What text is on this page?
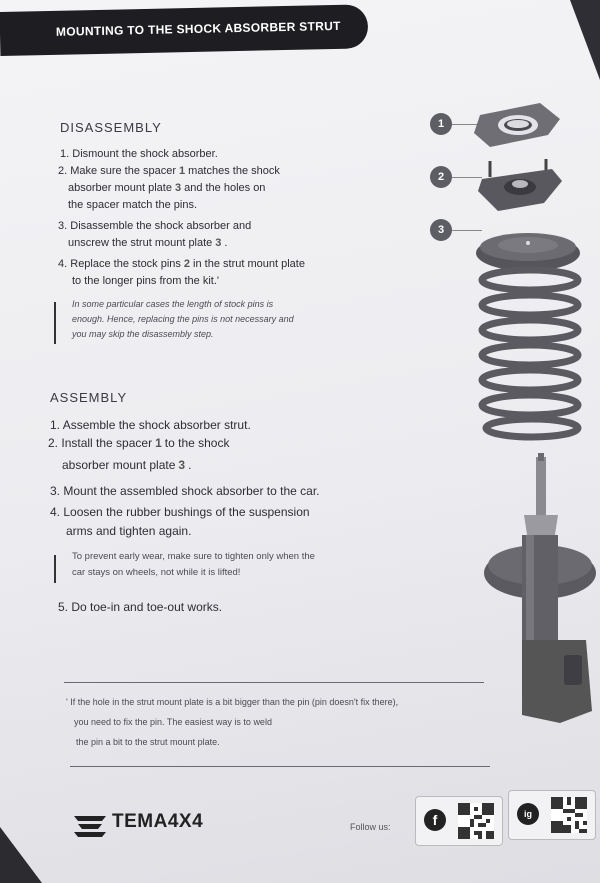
MOUNTING TO THE SHOCK ABSORBER STRUT
DISASSEMBLY
1. Dismount the shock absorber.
2. Make sure the spacer 1 matches the shock
absorber mount plate 3 and the holes on
the spacer match the pins.
3. Disassemble the shock absorber and
unscrew the strut mount plate 3 .
4. Replace the stock pins 2 in the strut mount plate
to the longer pins from the kit.'
In some particular cases the length of stock pins is
enough. Hence, replacing the pins is not necessary and
you may skip the disassembly step.
ASSEMBLY
1. Assemble the shock absorber strut.
2. Install the spacer 1 to the shock
absorber mount plate 3 .
3. Mount the assembled shock absorber to the car.
4. Loosen the rubber bushings of the suspension
arms and tighten again.
To prevent early wear, make sure to tighten only when the
car stays on wheels, not while it is lifted!
5. Do toe-in and toe-out works.
' If the hole in the strut mount plate is a bit bigger than the pin (pin doesn't fix there),
you need to fix the pin. The easiest way is to weld
the pin a bit to the strut mount plate.
1
2
3
TEMA4X4	Follow us:	f	ig
